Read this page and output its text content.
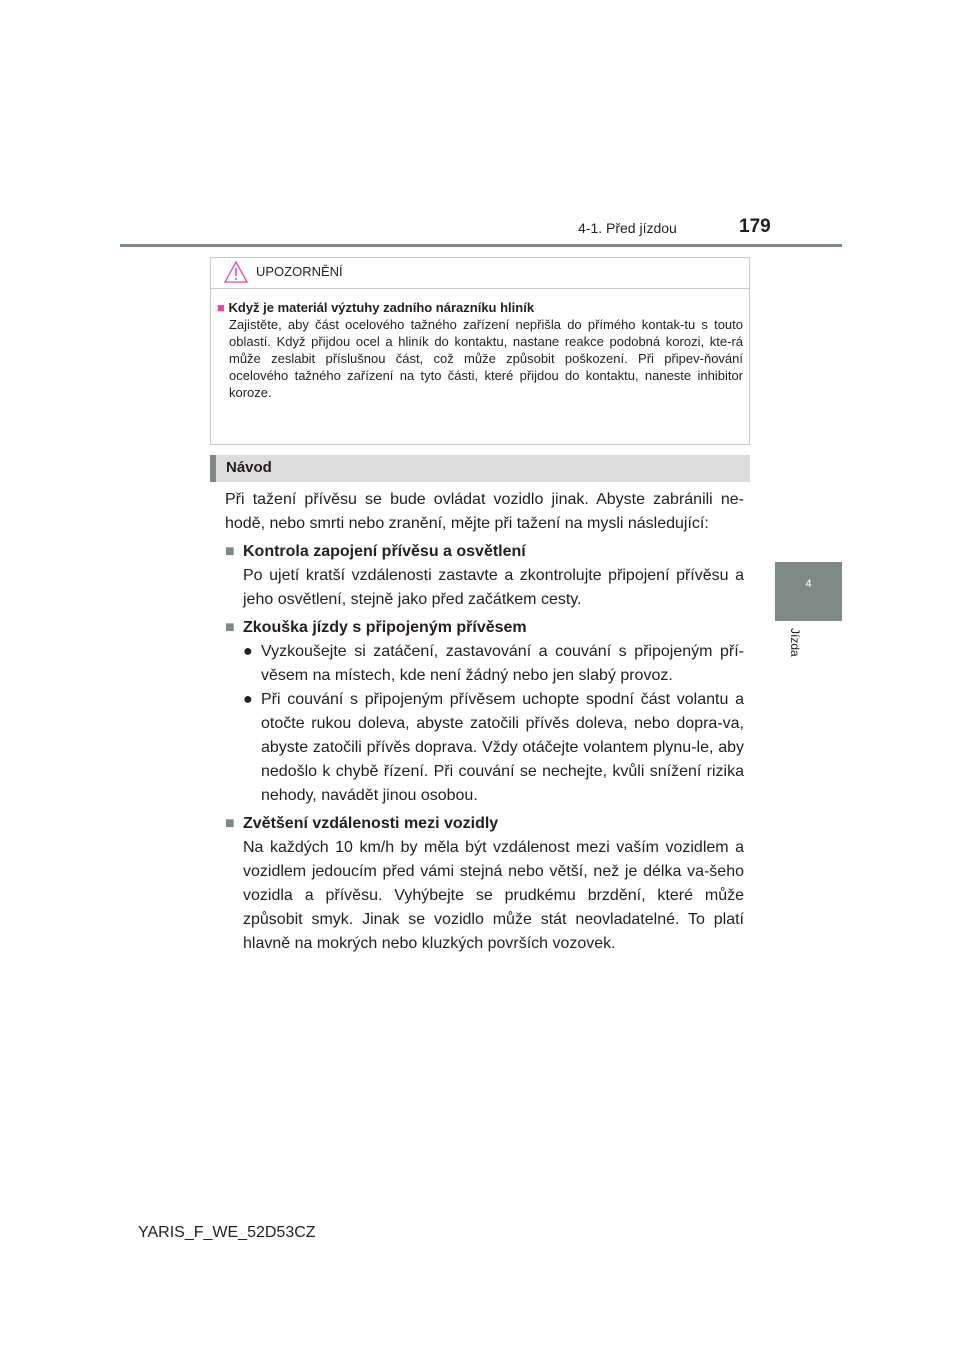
4-1. Před jízdou	179
4
Jízda
UPOZORNĚNÍ
■ Když je materiál výztuhy zadního nárazníku hliník
Zajistěte, aby část ocelového tažného zařízení nepřišla do přímého kontak-tu s touto oblastí. Když přijdou ocel a hliník do kontaktu, nastane reakce podobná korozi, kte-rá může zeslabit příslušnou část, což může způsobit poškození. Při připev-ňování ocelového tažného zařízení na tyto části, které přijdou do kontaktu, naneste inhibitor koroze.
Návod

Při tažení přívěsu se bude ovládat vozidlo jinak. Abyste zabránili ne-hodě, nebo smrti nebo zranění, mějte při tažení na mysli následující:

■ Kontrola zapojení přívěsu a osvětlení
Po ujetí kratší vzdálenosti zastavte a zkontrolujte připojení přívěsu a jeho osvětlení, stejně jako před začátkem cesty.
■ Zkouška jízdy s připojeným přívěsem
● Vyzkoušejte si zatáčení, zastavování a couvání s připojeným pří-věsem na místech, kde není žádný nebo jen slabý provoz.
● Při couvání s připojeným přívěsem uchopte spodní část volantu a otočte rukou doleva, abyste zatočili přívěs doleva, nebo dopra-va, abyste zatočili přívěs doprava. Vždy otáčejte volantem plynu-le, aby nedošlo k chybě řízení. Při couvání se nechejte, kvůli snížení rizika nehody, navádět jinou osobou.
■ Zvětšení vzdálenosti mezi vozidly
Na každých 10 km/h by měla být vzdálenost mezi vaším vozidlem a vozidlem jedoucím před vámi stejná nebo větší, než je délka va-šeho vozidla a přívěsu. Vyhýbejte se prudkému brzdění, které může způsobit smyk. Jinak se vozidlo může stát neovladatelné. To platí hlavně na mokrých nebo kluzkých površích vozovek.
YARIS_F_WE_52D53CZ
